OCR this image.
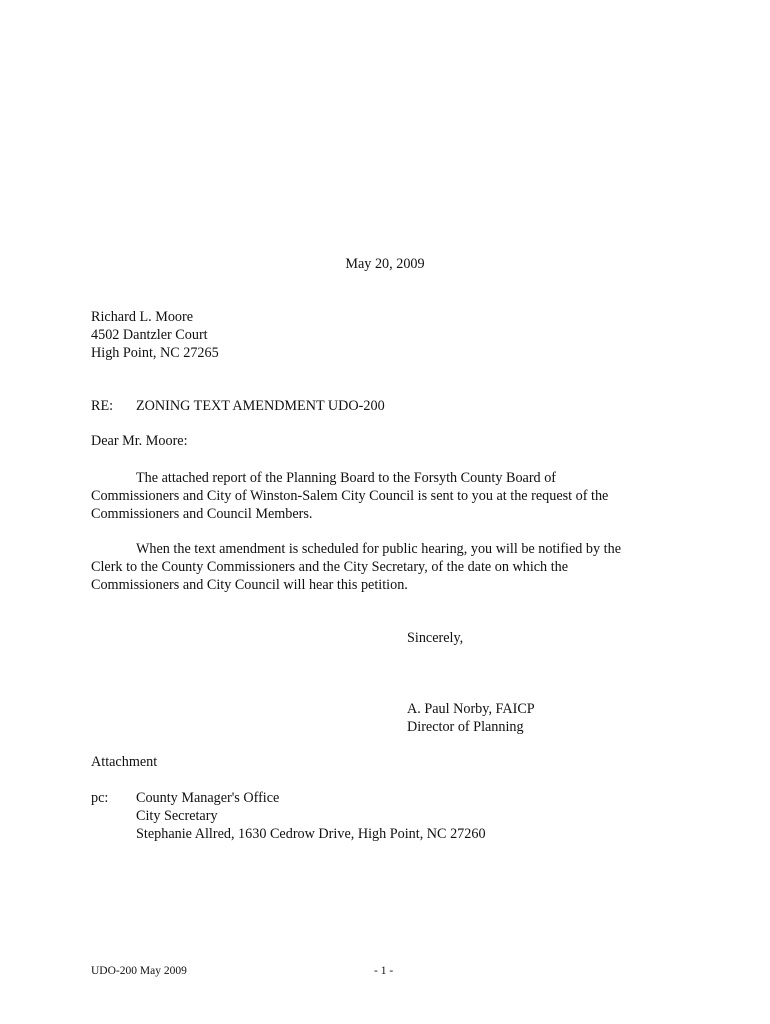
May 20, 2009
Richard L. Moore
4502 Dantzler Court
High Point, NC 27265
RE: ZONING TEXT AMENDMENT UDO-200
Dear Mr. Moore:
The attached report of the Planning Board to the Forsyth County Board of
Commissioners and City of Winston-Salem City Council is sent to you at the request of the
Commissioners and Council Members.
When the text amendment is scheduled for public hearing, you will be notified by the
Clerk to the County Commissioners and the City Secretary, of the date on which the
Commissioners and City Council will hear this petition.
Sincerely,
A. Paul Norby, FAICP
Director of Planning
Attachment
pc: County Manager's Office
City Secretary
Stephanie Allred, 1630 Cedrow Drive, High Point, NC 27260
UDO-200 May 2009	- 1 -
